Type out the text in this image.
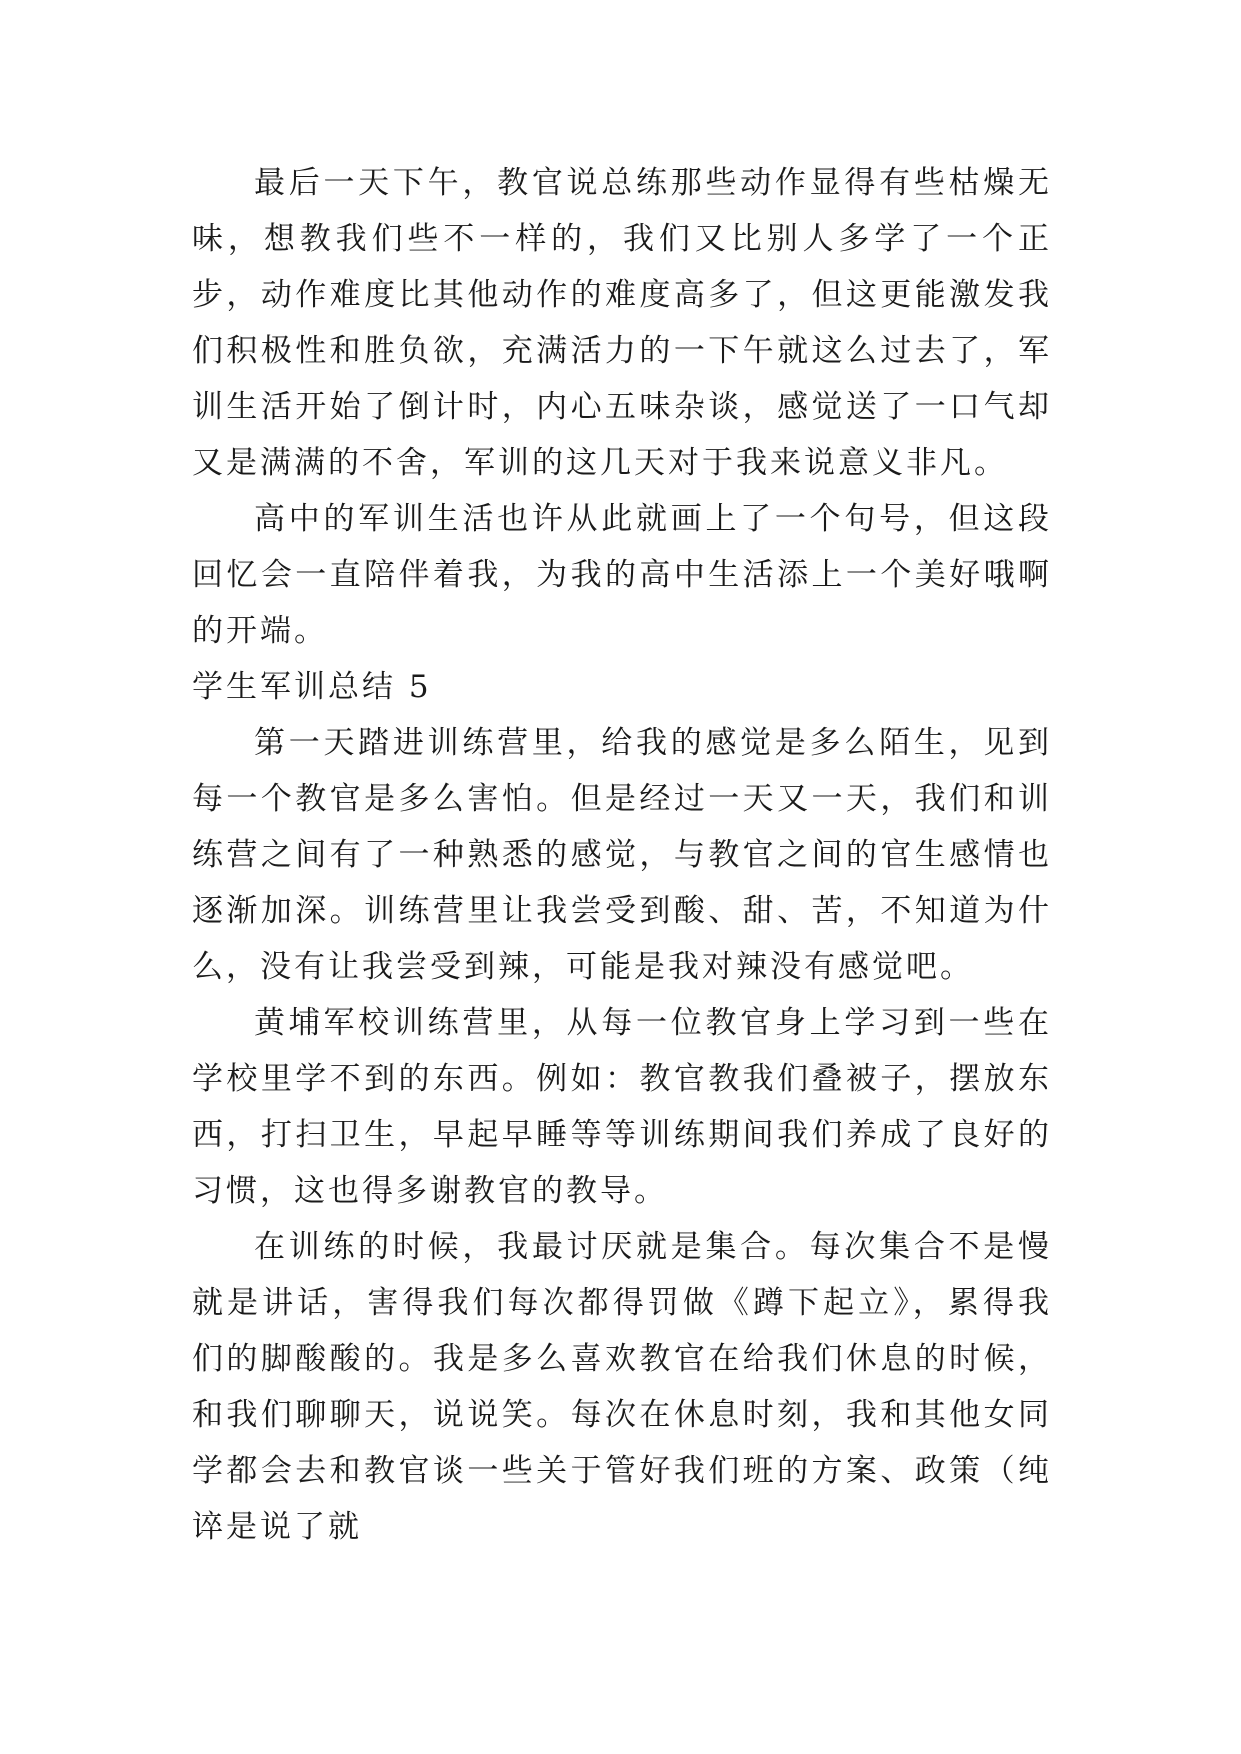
最后一天下午，教官说总练那些动作显得有些枯燥无味，想教我们些不一样的，我们又比别人多学了一个正步，动作难度比其他动作的难度高多了，但这更能激发我们积极性和胜负欲，充满活力的一下午就这么过去了，军训生活开始了倒计时，内心五味杂谈，感觉送了一口气却又是满满的不舍，军训的这几天对于我来说意义非凡。

高中的军训生活也许从此就画上了一个句号，但这段回忆会一直陪伴着我，为我的高中生活添上一个美好哦啊的开端。

学生军训总结 5

第一天踏进训练营里，给我的感觉是多么陌生，见到每一个教官是多么害怕。但是经过一天又一天，我们和训练营之间有了一种熟悉的感觉，与教官之间的官生感情也逐渐加深。训练营里让我尝受到酸、甜、苦，不知道为什么，没有让我尝受到辣，可能是我对辣没有感觉吧。

黄埔军校训练营里，从每一位教官身上学习到一些在学校里学不到的东西。例如：教官教我们叠被子，摆放东西，打扫卫生，早起早睡等等训练期间我们养成了良好的习惯，这也得多谢教官的教导。

在训练的时候，我最讨厌就是集合。每次集合不是慢就是讲话，害得我们每次都得罚做《蹲下起立》，累得我们的脚酸酸的。我是多么喜欢教官在给我们休息的时候，和我们聊聊天，说说笑。每次在休息时刻，我和其他女同学都会去和教官谈一些关于管好我们班的方案、政策（纯谇是说了就
